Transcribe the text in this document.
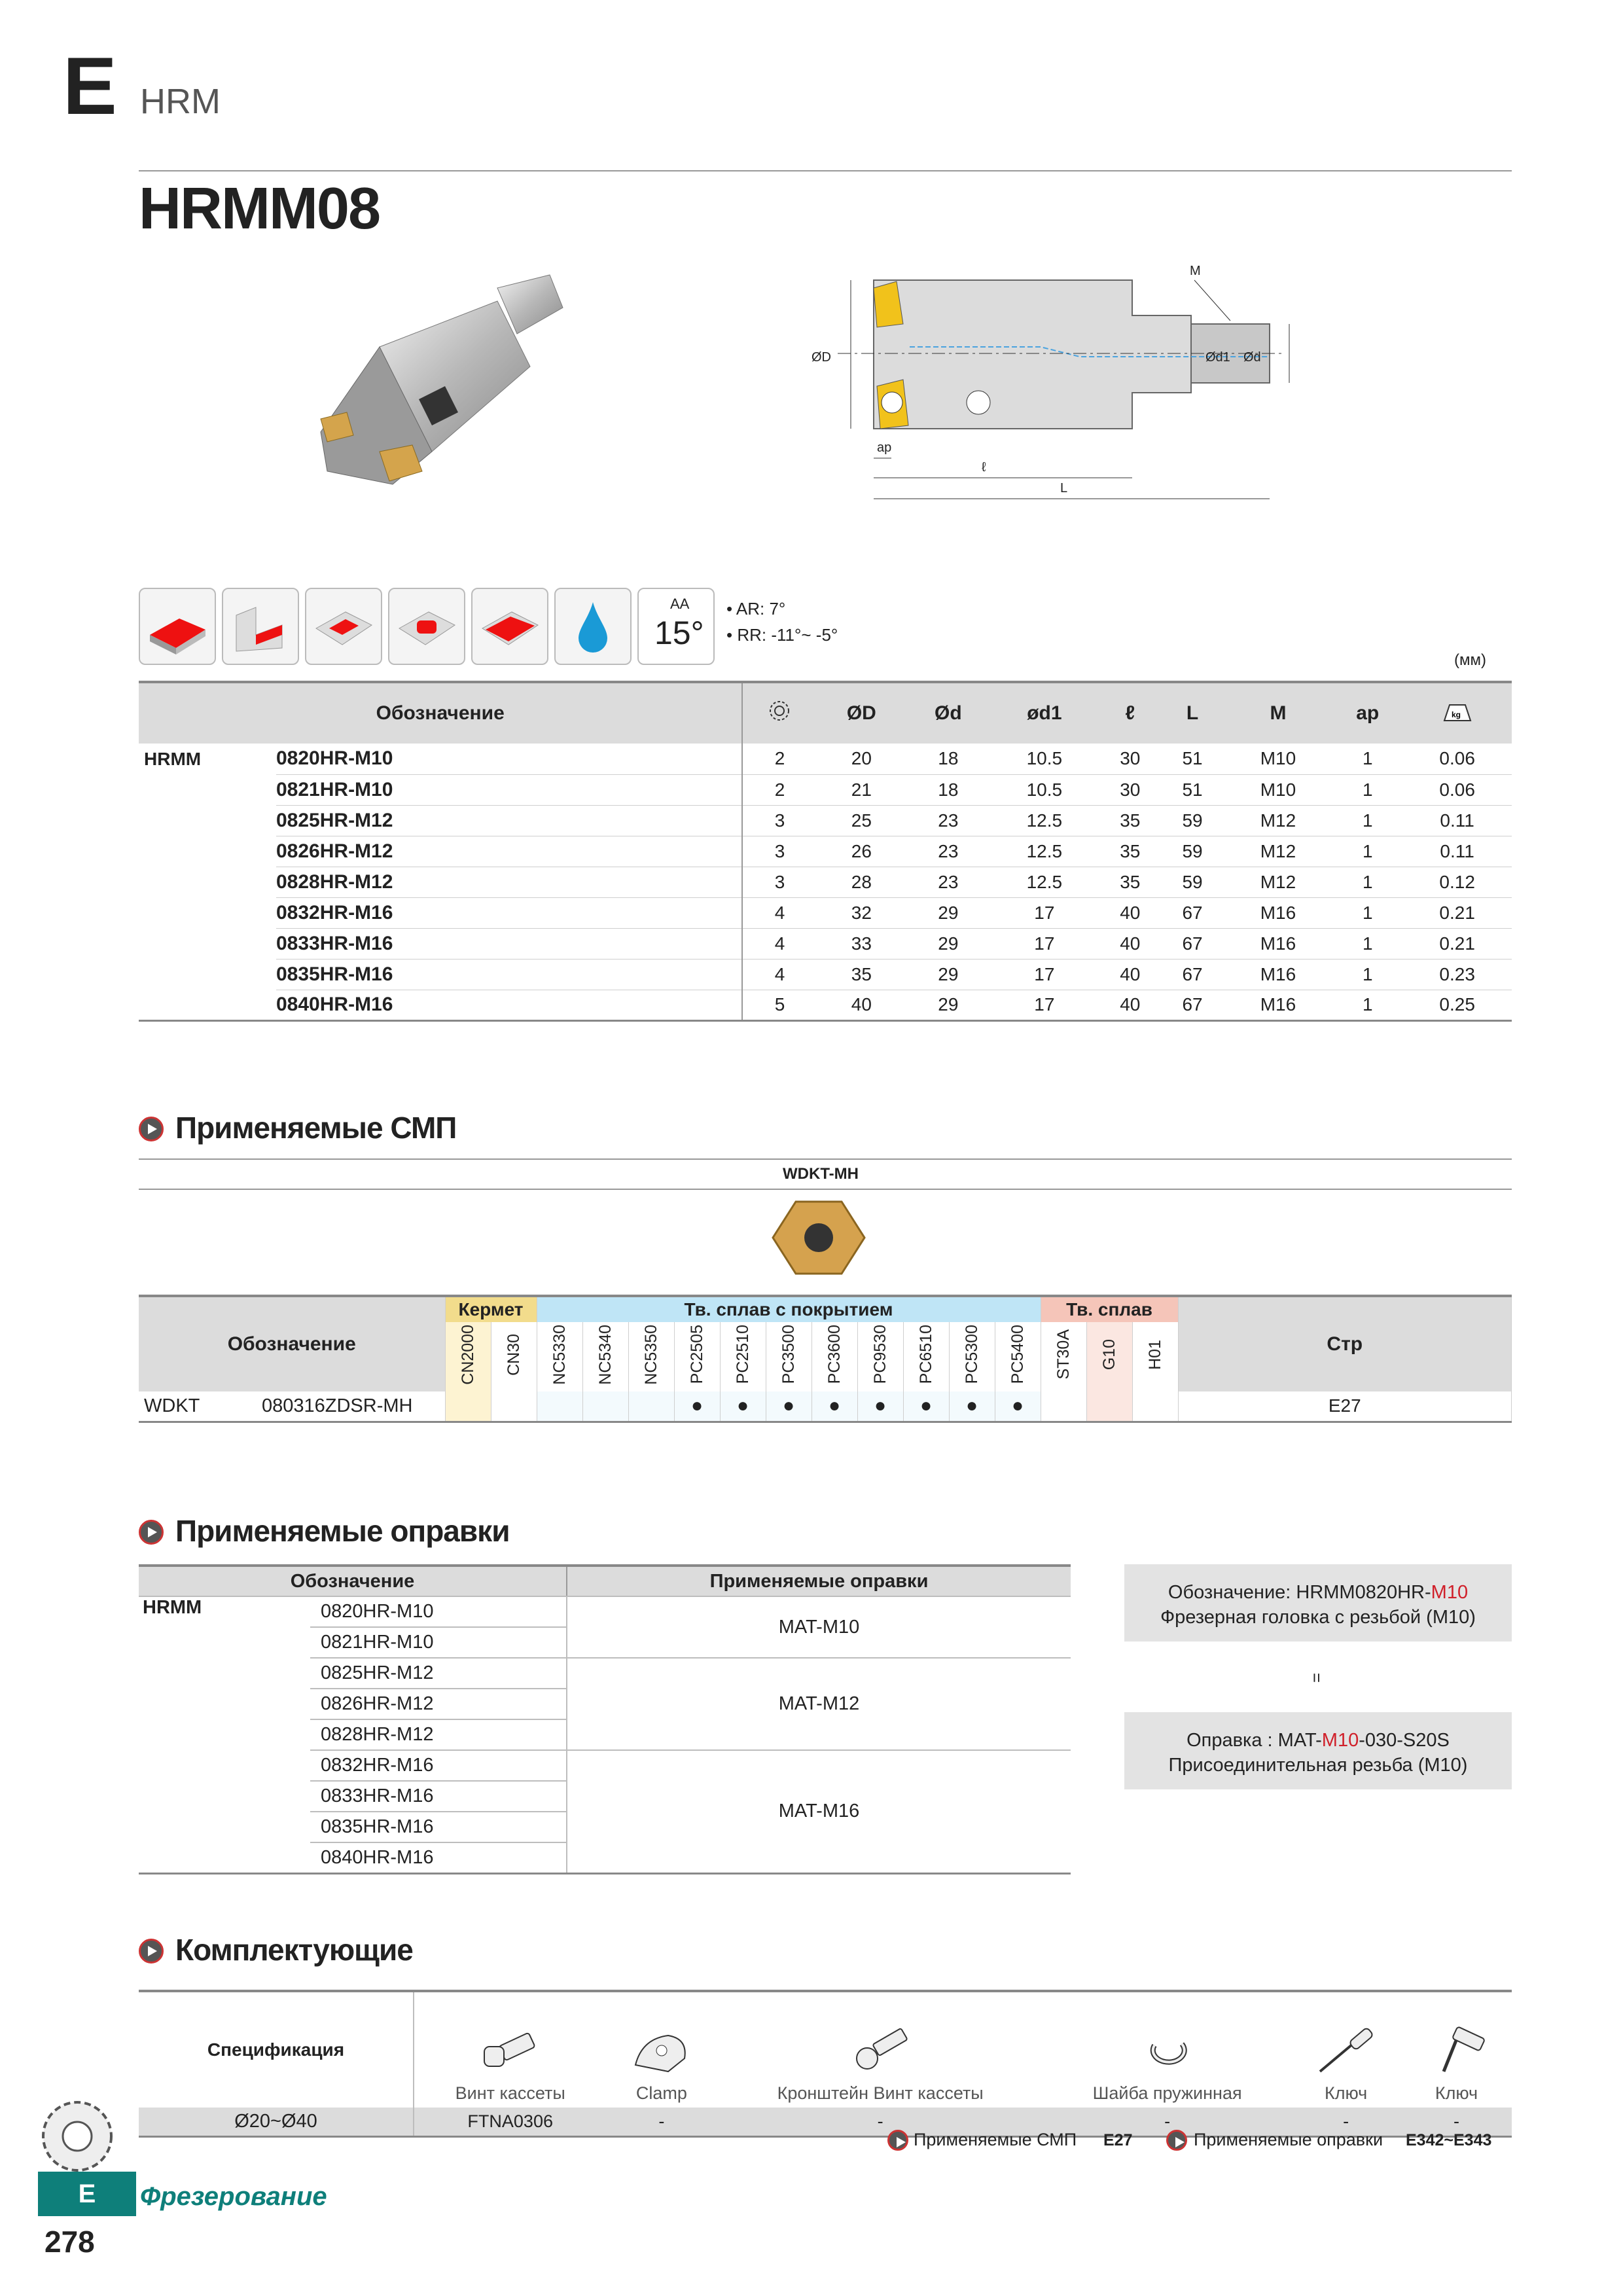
E HRM
HRMM08
ØD	Ød1 Ød
M
ap
ℓ
L
AA
15°
• AR: 7°
• RR: -11°~ -5°
(мм)
Обозначение			ØD	Ød	ød1	ℓ	L	M	ap	kg

HRMM	0820HR-M10	2	20	18	10.5	30	51	M10	1	0.06
	0821HR-M10	2	21	18	10.5	30	51	M10	1	0.06
	0825HR-M12	3	25	23	12.5	35	59	M12	1	0.11
	0826HR-M12	3	26	23	12.5	35	59	M12	1	0.11
	0828HR-M12	3	28	23	12.5	35	59	M12	1	0.12
	0832HR-M16	4	32	29	17	40	67	M16	1	0.21
	0833HR-M16	4	33	29	17	40	67	M16	1	0.21
	0835HR-M16	4	35	29	17	40	67	M16	1	0.23
	0840HR-M16	5	40	29	17	40	67	M16	1	0.25
Применяемые СМП
WDKT-MH
Обозначение	Кермет		Тв. сплав с покрытием											Тв. сплав			Стр
	CN2000	CN30	NC5330	NC5340	NC5350	PC2505	PC2510	PC3500	PC3600	PC9530	PC6510	PC5300	PC5400	ST30A	G10	H01	
WDKT 080316ZDSR-MH						●	●	●	●	●	●	●	●				E27
Применяемые оправки
Обозначение		Применяемые оправки
HRMM	0820HR-M10	MAT-M10
	0821HR-M10	
	0825HR-M12	MAT-M12
	0826HR-M12	
	0828HR-M12	
	0832HR-M16	MAT-M16
	0833HR-M16	
	0835HR-M16	
	0840HR-M16	
Обозначение: HRMM0820HR-M10
Фрезерная головка с резьбой (M10)
=
Оправка : MAT-M10-030-S20S
Присоединительная резьба (M10)
Комплектующие
Спецификация	Винт кассеты	Clamp	Кронштейн Винт кассеты	Шайба пружинная	Ключ	Ключ

Ø20~Ø40	FTNA0306	-	-	-	-	-
Применяемые СМП E27	Применяемые оправки E342~E343
E	Фрезерование
278
